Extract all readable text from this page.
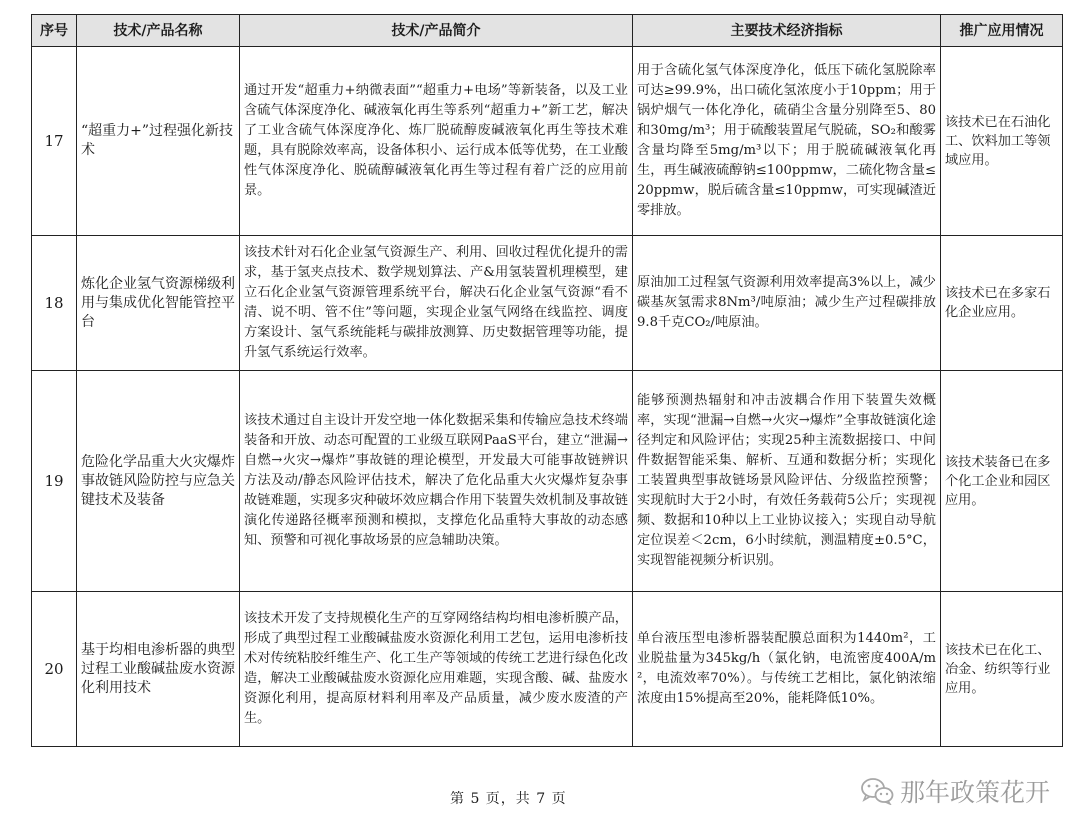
序号	技术/产品名称	技术/产品简介	主要技术经济指标	推广应用情况
17	“超重力+”过程强化新技术	通过开发“超重力+纳微表面”“超重力+电场”等新装备，以及工业含硫气体深度净化、碱液氧化再生等系列“超重力+”新工艺，解决了工业含硫气体深度净化、炼厂脱硫醇废碱液氧化再生等技术难题，具有脱除效率高，设备体积小、运行成本低等优势，在工业酸性气体深度净化、脱硫醇碱液氧化再生等过程有着广泛的应用前景。	用于含硫化氢气体深度净化，低压下硫化氢脱除率可达≥99.9%，出口硫化氢浓度小于10ppm；用于锅炉烟气一体化净化，硫硝尘含量分别降至5、80和30mg/m³；用于硫酸装置尾气脱硫，SO₂和酸雾含量均降至5mg/m³以下；用于脱硫碱液氧化再生，再生碱液硫醇钠≤100ppmw，二硫化物含量≤20ppmw，脱后硫含量≤10ppmw，可实现碱渣近零排放。	该技术已在石油化工、饮料加工等领域应用。
18	炼化企业氢气资源梯级利用与集成优化智能管控平台	该技术针对石化企业氢气资源生产、利用、回收过程优化提升的需求，基于氢夹点技术、数学规划算法、产&用氢装置机理模型，建立石化企业氢气资源管理系统平台，解决石化企业氢气资源“看不清、说不明、管不住”等问题，实现企业氢气网络在线监控、调度方案设计、氢气系统能耗与碳排放测算、历史数据管理等功能，提升氢气系统运行效率。	原油加工过程氢气资源利用效率提高3%以上，减少碳基灰氢需求8Nm³/吨原油；减少生产过程碳排放9.8千克CO₂/吨原油。	该技术已在多家石化企业应用。
19	危险化学品重大火灾爆炸事故链风险防控与应急关键技术及装备	该技术通过自主设计开发空地一体化数据采集和传输应急技术终端装备和开放、动态可配置的工业级互联网PaaS平台，建立“泄漏→自燃→火灾→爆炸”事故链的理论模型，开发最大可能事故链辨识方法及动/静态风险评估技术，解决了危化品重大火灾爆炸复杂事故链难题，实现多灾种破坏效应耦合作用下装置失效机制及事故链演化传递路径概率预测和模拟，支撑危化品重特大事故的动态感知、预警和可视化事故场景的应急辅助决策。	能够预测热辐射和冲击波耦合作用下装置失效概率，实现“泄漏→自燃→火灾→爆炸”全事故链演化途径判定和风险评估；实现25种主流数据接口、中间件数据智能采集、解析、互通和数据分析；实现化工装置典型事故链场景风险评估、分级监控预警；实现航时大于2小时，有效任务载荷5公斤；实现视频、数据和10种以上工业协议接入；实现自动导航定位误差＜2cm，6小时续航，测温精度±0.5°C，实现智能视频分析识别。	该技术装备已在多个化工企业和园区应用。
20	基于均相电渗析器的典型过程工业酸碱盐废水资源化利用技术	该技术开发了支持规模化生产的互穿网络结构均相电渗析膜产品，形成了典型过程工业酸碱盐废水资源化利用工艺包，运用电渗析技术对传统粘胶纤维生产、化工生产等领域的传统工艺进行绿色化改造，解决工业酸碱盐废水资源化应用难题，实现含酸、碱、盐废水资源化利用，提高原材料利用率及产品质量，减少废水废渣的产生。	单台液压型电渗析器装配膜总面积为1440m²，工业脱盐量为345kg/h（氯化钠，电流密度400A/m²，电流效率70%）。与传统工艺相比，氯化钠浓缩浓度由15%提高至20%，能耗降低10%。	该技术已在化工、冶金、纺织等行业应用。
第 5 页，共 7 页	那年政策花开
